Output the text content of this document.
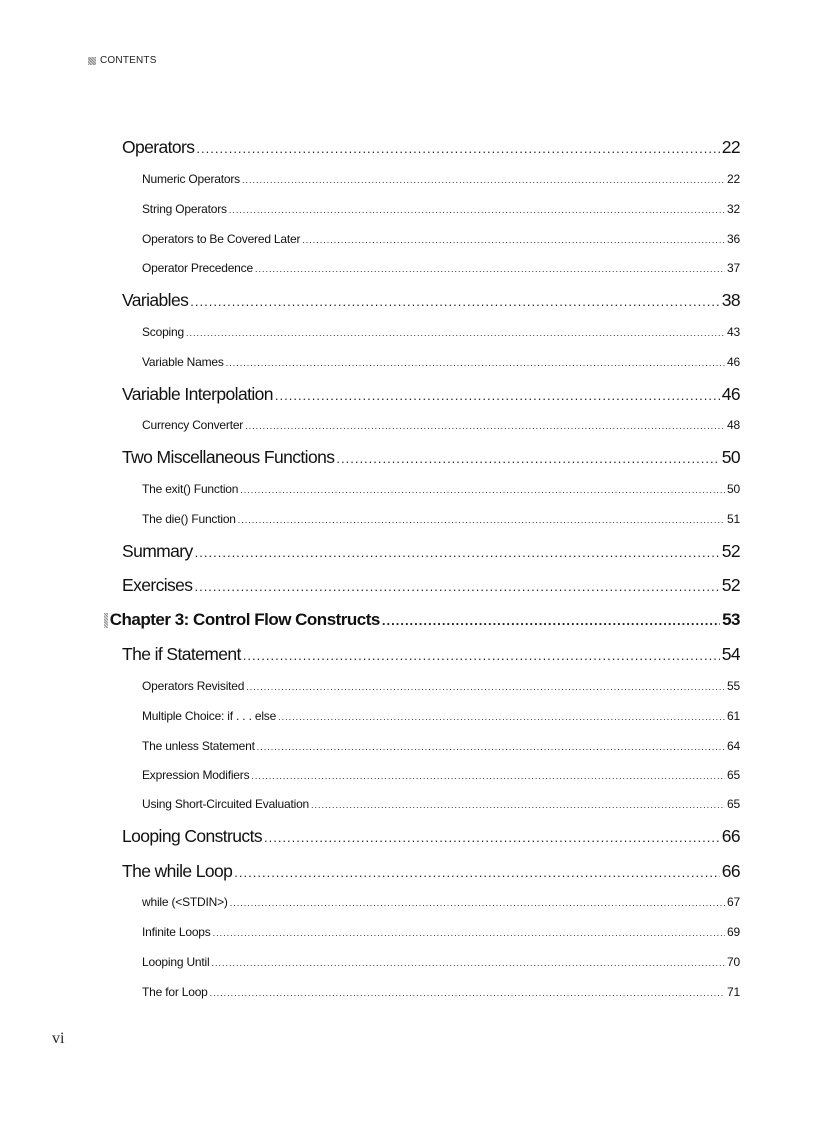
CONTENTS
Operators .....	22
Numeric Operators .....	22
String Operators .....	32
Operators to Be Covered Later .....	36
Operator Precedence .....	37
Variables .....	38
Scoping .....	43
Variable Names .....	46
Variable Interpolation .....	46
Currency Converter .....	48
Two Miscellaneous Functions .....	50
The exit() Function .....	50
The die() Function .....	51
Summary .....	52
Exercises .....	52
Chapter 3: Control Flow Constructs .....	53
The if Statement .....	54
Operators Revisited .....	55
Multiple Choice: if . . . else .....	61
The unless Statement .....	64
Expression Modifiers .....	65
Using Short-Circuited Evaluation .....	65
Looping Constructs .....	66
The while Loop .....	66
while (<STDIN>) .....	67
Infinite Loops .....	69
Looping Until .....	70
The for Loop .....	71
vi
